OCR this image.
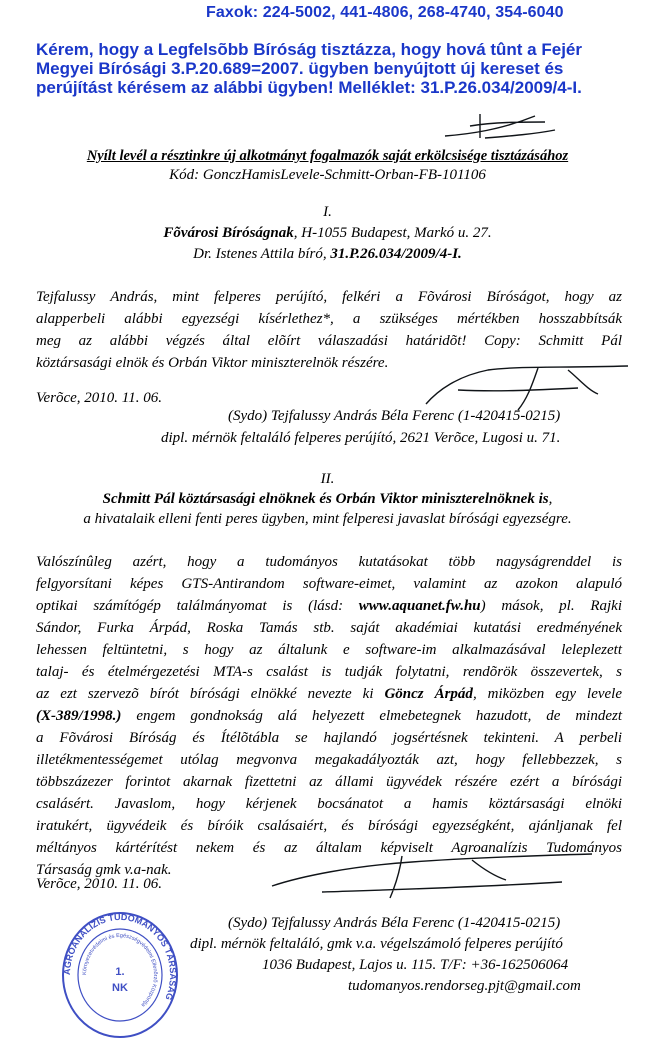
Faxok: 224-5002, 441-4806, 268-4740, 354-6040
Kérem, hogy a Legfelsõbb Bíróság tisztázza, hogy hová tûnt a Fejér
Megyei Bírósági 3.P.20.689=2007. ügyben benyújtott új kereset és
perújítást kérésem az alábbi ügyben! Melléklet: 31.P.26.034/2009/4-I.
Nyílt levél a résztinkre új alkotmányt fogalmazók saját erkölcsisége tisztázásához
Kód: GonczHamisLevele-Schmitt-Orban-FB-101106
I.
Fõvárosi Bíróságnak, H-1055 Budapest, Markó u. 27.
Dr. Istenes Attila bíró, 31.P.26.034/2009/4-I.
Tejfalussy András, mint felperes perújító, felkéri a Fõvárosi Bíróságot, hogy az
alapperbeli alábbi egyezségi kísérlethez*, a szükséges mértékben hosszabbítsák
meg az alábbi végzés által elõírt válaszadási határidõt! Copy: Schmitt Pál
köztársasági elnök és Orbán Viktor miniszterelnök részére.
Verõce, 2010. 11. 06.
(Sydo) Tejfalussy András Béla Ferenc (1-420415-0215)
dipl. mérnök feltaláló felperes perújító, 2621 Verõce, Lugosi u. 71.
II.
Schmitt Pál köztársasági elnöknek és Orbán Viktor miniszterelnöknek is,
a hivatalaik elleni fenti peres ügyben, mint felperesi javaslat bírósági egyezségre.
Valószínûleg azért, hogy a tudományos kutatásokat több nagyságrenddel is
felgyorsítani képes GTS-Antirandom software-eimet, valamint az azokon alapuló
optikai számítógép találmányomat is (lásd: www.aquanet.fw.hu) mások, pl. Rajki
Sándor, Furka Árpád, Roska Tamás stb. saját akadémiai kutatási eredményének
lehessen feltüntetni, s hogy az általunk e software-im alkalmazásával leleplezett
talaj- és ételmérgezetési MTA-s csalást is tudják folytatni, rendõrök összevertek, s
az ezt szervezõ bírót bírósági elnökké nevezte ki Göncz Árpád, miközben egy levele
(X-389/1998.) engem gondnokság alá helyezett elmebetegnek hazudott, de mindezt
a Fõvárosi Bíróság és Ítélõtábla se hajlandó jogsértésnek tekinteni. A perbeli
illetékmentességemet utólag megvonva megakadályozták azt, hogy fellebbezzek, s
többszázezer forintot akarnak fizettetni az állami ügyvédek részére ezért a bírósági
csalásért. Javaslom, hogy kérjenek bocsánatot a hamis köztársasági elnöki
iratukért, ügyvédeik és bíróik csalásaiért, és bírósági egyezségként, ajánljanak fel
méltányos kártérítést nekem és az általam képviselt Agroanalízis Tudományos
Társaság gmk v.a-nak.
Verõce, 2010. 11. 06.
AGROANALÍZIS TUDOMÁNYOS TÁRSASÁG
Környezetvédelmi és Egészségvédelmi Ellenõrzõ Központja
1.
NK
(Sydo) Tejfalussy András Béla Ferenc (1-420415-0215)
dipl. mérnök feltaláló, gmk v.a. végelszámoló felperes perújító
1036 Budapest, Lajos u. 115. T/F: +36-162506064
tudomanyos.rendorseg.pjt@gmail.com
